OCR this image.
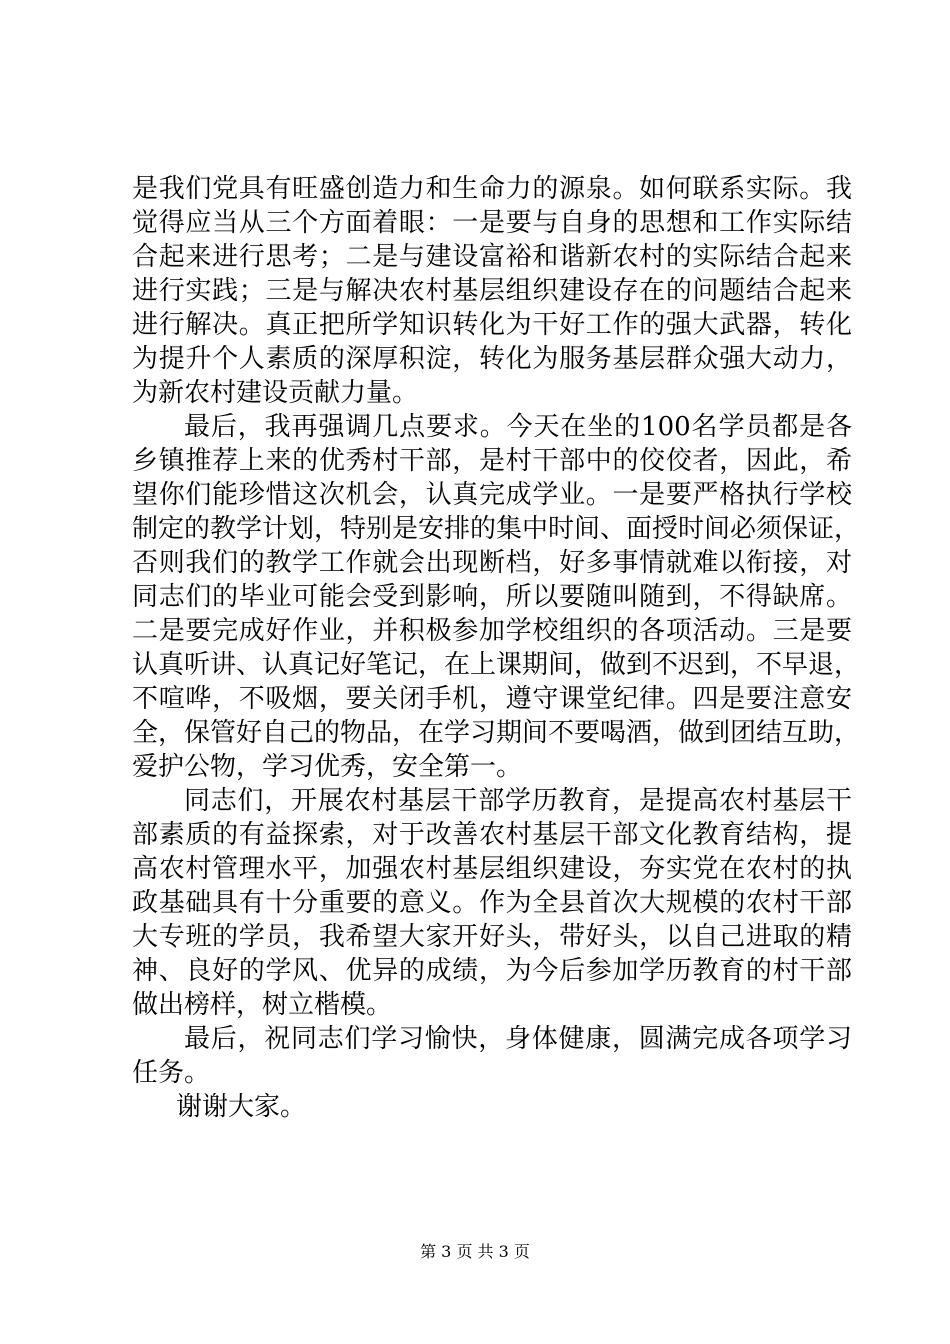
是我们党具有旺盛创造力和生命力的源泉。如何联系实际。我
觉得应当从三个方面着眼：一是要与自身的思想和工作实际结
合起来进行思考；二是与建设富裕和谐新农村的实际结合起来
进行实践；三是与解决农村基层组织建设存在的问题结合起来
进行解决。真正把所学知识转化为干好工作的强大武器，转化
为提升个人素质的深厚积淀，转化为服务基层群众强大动力，
为新农村建设贡献力量。
最后，我再强调几点要求。今天在坐的100名学员都是各
乡镇推荐上来的优秀村干部，是村干部中的佼佼者，因此，希
望你们能珍惜这次机会，认真完成学业。一是要严格执行学校
制定的教学计划，特别是安排的集中时间、面授时间必须保证，
否则我们的教学工作就会出现断档，好多事情就难以衔接，对
同志们的毕业可能会受到影响，所以要随叫随到，不得缺席。
二是要完成好作业，并积极参加学校组织的各项活动。三是要
认真听讲、认真记好笔记，在上课期间，做到不迟到，不早退，
不喧哗，不吸烟，要关闭手机，遵守课堂纪律。四是要注意安
全，保管好自己的物品，在学习期间不要喝酒，做到团结互助，
爱护公物，学习优秀，安全第一。
同志们，开展农村基层干部学历教育，是提高农村基层干
部素质的有益探索，对于改善农村基层干部文化教育结构，提
高农村管理水平，加强农村基层组织建设，夯实党在农村的执
政基础具有十分重要的意义。作为全县首次大规模的农村干部
大专班的学员，我希望大家开好头，带好头，以自己进取的精
神、良好的学风、优异的成绩，为今后参加学历教育的村干部
做出榜样，树立楷模。
最后，祝同志们学习愉快，身体健康，圆满完成各项学习
任务。
谢谢大家。
第 3 页 共 3 页
